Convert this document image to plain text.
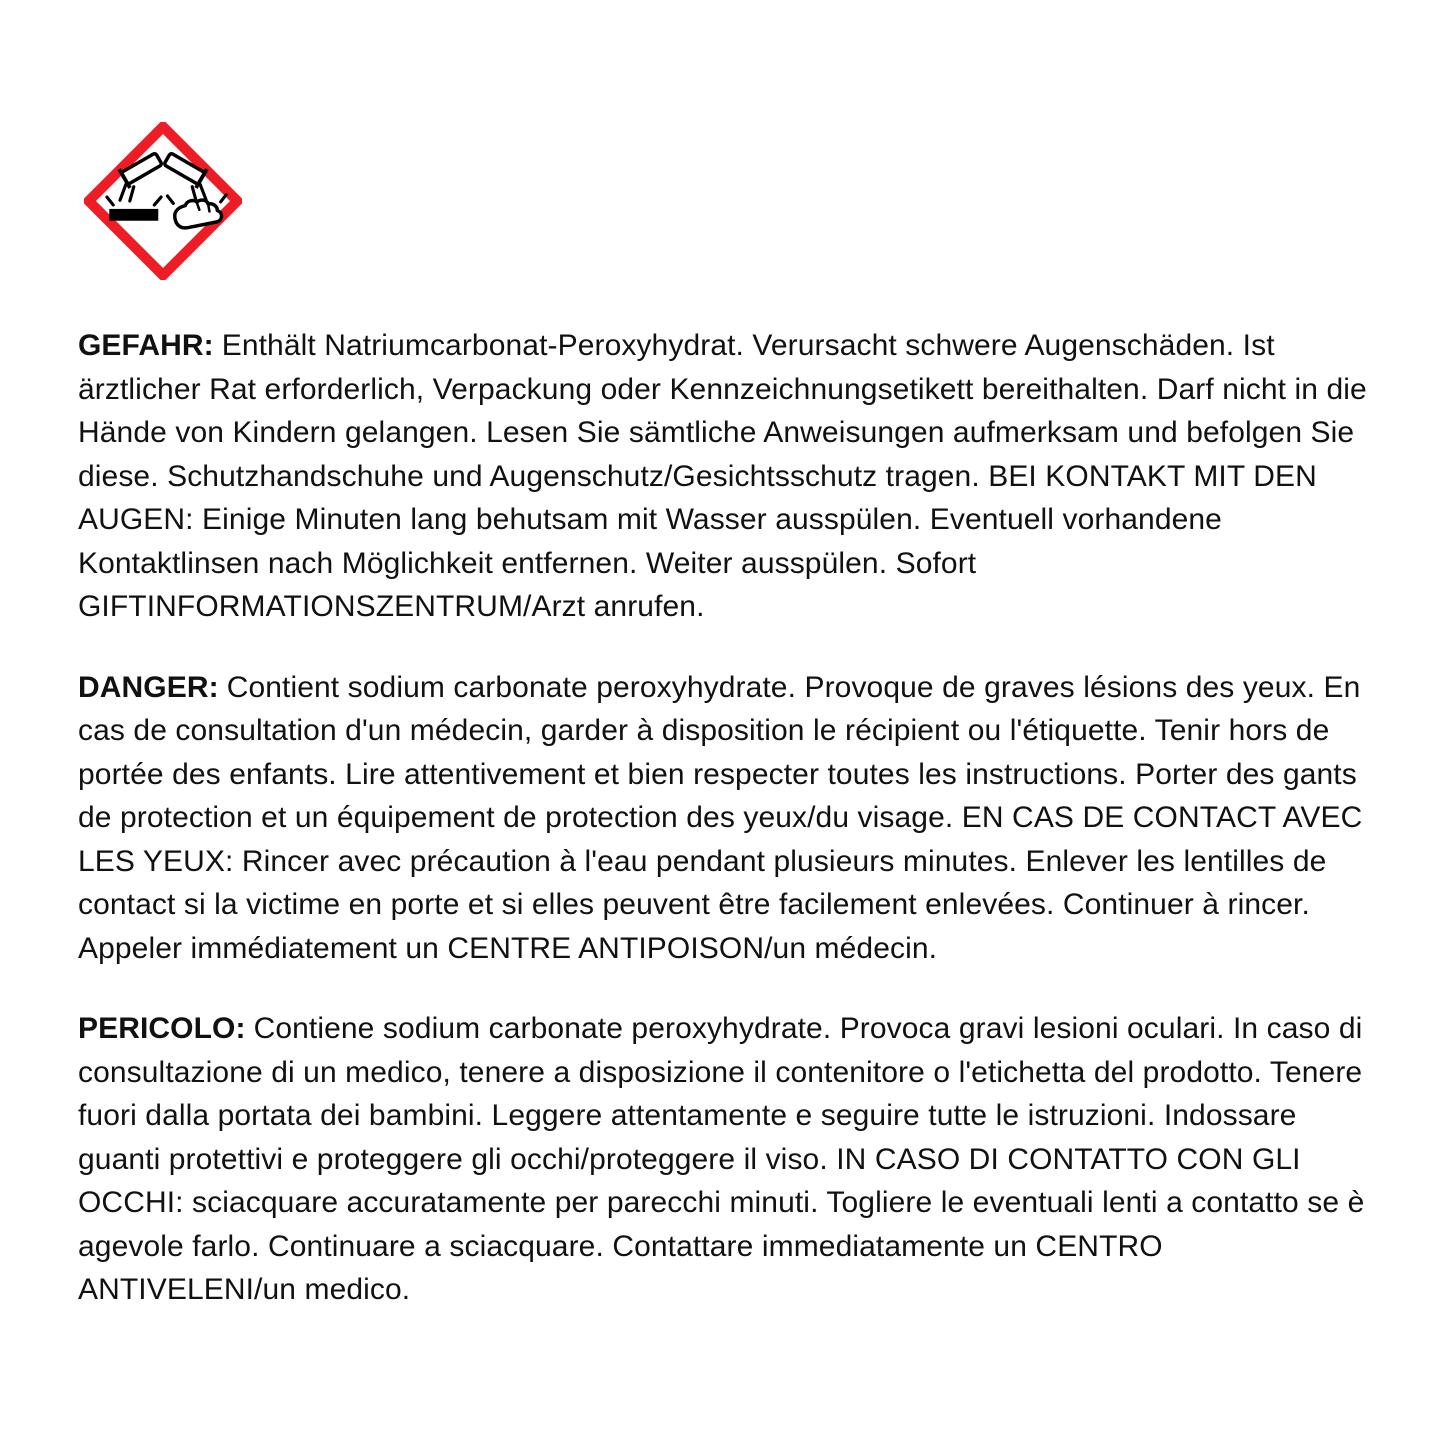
GEFAHR: Enthält Natriumcarbonat-Peroxyhydrat. Verursacht schwere Augenschäden. Ist ärztlicher Rat erforderlich, Verpackung oder Kennzeichnungsetikett bereithalten. Darf nicht in die Hände von Kindern gelangen. Lesen Sie sämtliche Anweisungen aufmerksam und befolgen Sie diese. Schutzhandschuhe und Augenschutz/Gesichtsschutz tragen. BEI KONTAKT MIT DEN AUGEN: Einige Minuten lang behutsam mit Wasser ausspülen. Eventuell vorhandene Kontaktlinsen nach Möglichkeit entfernen. Weiter ausspülen. Sofort GIFTINFORMATIONSZENTRUM/Arzt anrufen.

DANGER: Contient sodium carbonate peroxyhydrate. Provoque de graves lésions des yeux. En cas de consultation d'un médecin, garder à disposition le récipient ou l'étiquette. Tenir hors de portée des enfants. Lire attentivement et bien respecter toutes les instructions. Porter des gants de protection et un équipement de protection des yeux/du visage. EN CAS DE CONTACT AVEC LES YEUX: Rincer avec précaution à l'eau pendant plusieurs minutes. Enlever les lentilles de contact si la victime en porte et si elles peuvent être facilement enlevées. Continuer à rincer. Appeler immédiatement un CENTRE ANTIPOISON/un médecin.

PERICOLO: Contiene sodium carbonate peroxyhydrate. Provoca gravi lesioni oculari. In caso di consultazione di un medico, tenere a disposizione il contenitore o l'etichetta del prodotto. Tenere fuori dalla portata dei bambini. Leggere attentamente e seguire tutte le istruzioni. Indossare guanti protettivi e proteggere gli occhi/proteggere il viso. IN CASO DI CONTATTO CON GLI OCCHI: sciacquare accuratamente per parecchi minuti. Togliere le eventuali lenti a contatto se è agevole farlo. Continuare a sciacquare. Contattare immediatamente un CENTRO ANTIVELENI/un medico.
